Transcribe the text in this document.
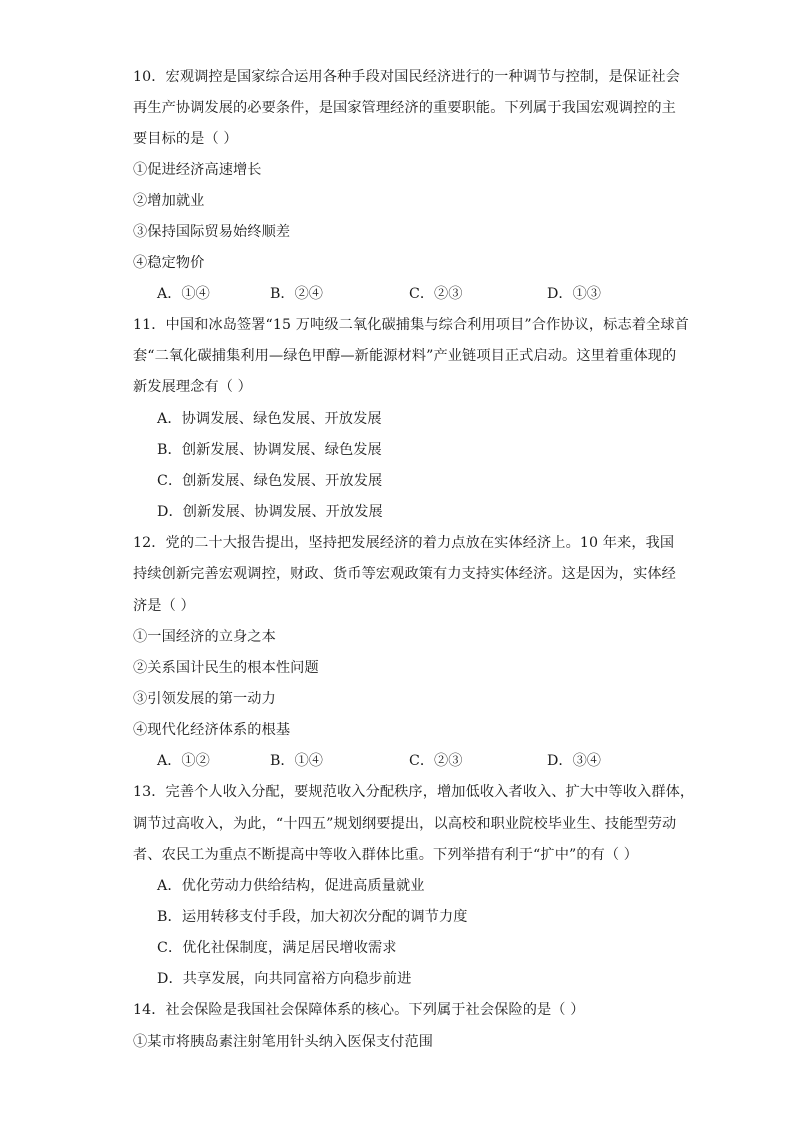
10．宏观调控是国家综合运用各种手段对国民经济进行的一种调节与控制，是保证社会
再生产协调发展的必要条件，是国家管理经济的重要职能。下列属于我国宏观调控的主
要目标的是（ ）
①促进经济高速增长
②增加就业
③保持国际贸易始终顺差
④稳定物价
A．①④	B．②④	C．②③	D．①③
11．中国和冰岛签署“15 万吨级二氧化碳捕集与综合利用项目”合作协议，标志着全球首
套“二氧化碳捕集利用—绿色甲醇—新能源材料”产业链项目正式启动。这里着重体现的
新发展理念有（ ）
A．协调发展、绿色发展、开放发展
B．创新发展、协调发展、绿色发展
C．创新发展、绿色发展、开放发展
D．创新发展、协调发展、开放发展
12．党的二十大报告提出，坚持把发展经济的着力点放在实体经济上。10 年来，我国
持续创新完善宏观调控，财政、货币等宏观政策有力支持实体经济。这是因为，实体经
济是（ ）
①一国经济的立身之本
②关系国计民生的根本性问题
③引领发展的第一动力
④现代化经济体系的根基
A．①②	B．①④	C．②③	D．③④
13．完善个人收入分配，要规范收入分配秩序，增加低收入者收入、扩大中等收入群体，
调节过高收入，为此，“十四五”规划纲要提出，以高校和职业院校毕业生、技能型劳动
者、农民工为重点不断提高中等收入群体比重。下列举措有利于“扩中”的有（ ）
A．优化劳动力供给结构，促进高质量就业
B．运用转移支付手段，加大初次分配的调节力度
C．优化社保制度，满足居民增收需求
D．共享发展，向共同富裕方向稳步前进
14．社会保险是我国社会保障体系的核心。下列属于社会保险的是（ ）
①某市将胰岛素注射笔用针头纳入医保支付范围
